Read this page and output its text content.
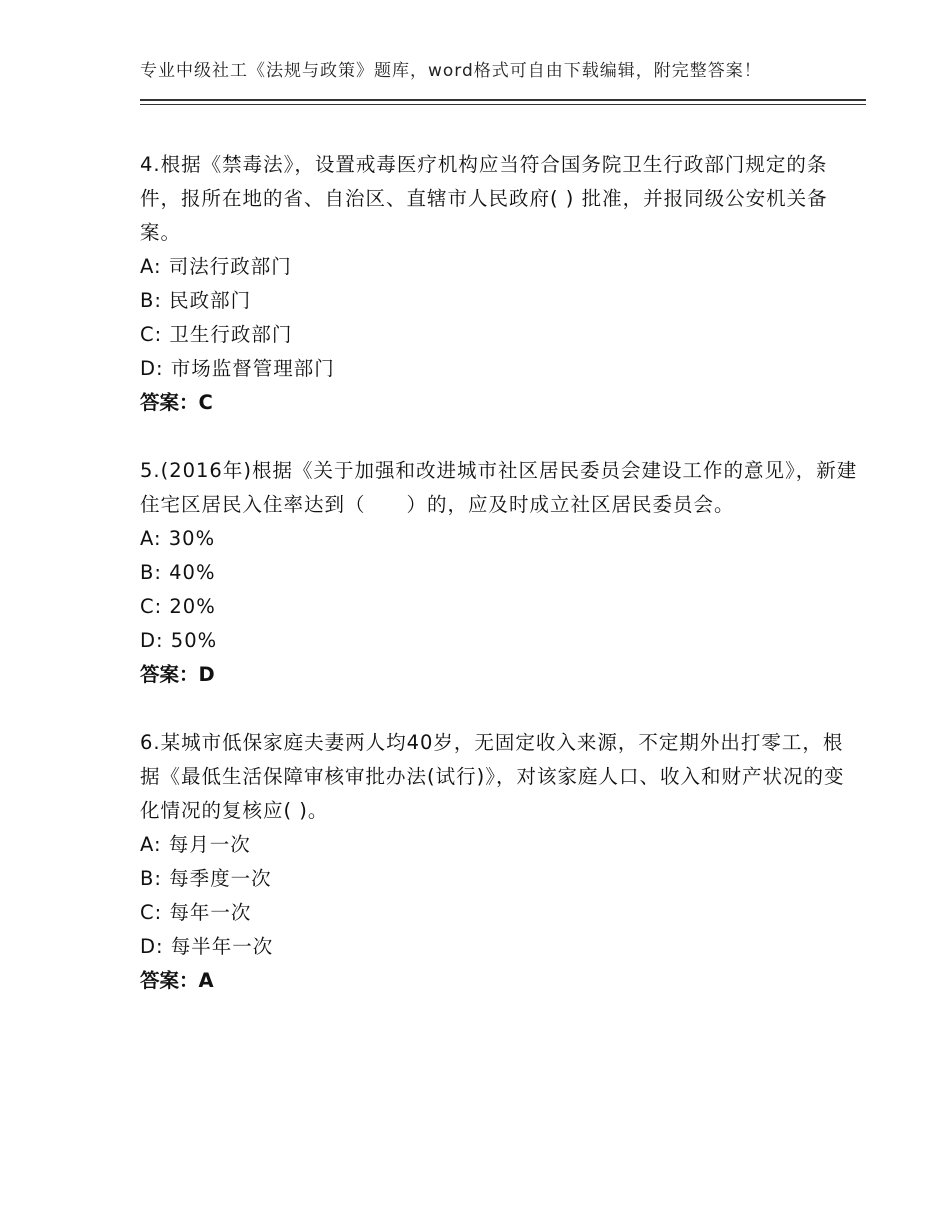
专业中级社工《法规与政策》题库，word格式可自由下载编辑，附完整答案！

4.根据《禁毒法》，设置戒毒医疗机构应当符合国务院卫生行政部门规定的条件，报所在地的省、自治区、直辖市人民政府( ) 批准，并报同级公安机关备案。

A: 司法行政部门

B: 民政部门

C: 卫生行政部门

D: 市场监督管理部门

答案：C

5.(2016年)根据《关于加强和改进城市社区居民委员会建设工作的意见》，新建住宅区居民入住率达到（　　）的，应及时成立社区居民委员会。

A: 30%

B: 40%

C: 20%

D: 50%

答案：D

6.某城市低保家庭夫妻两人均40岁，无固定收入来源，不定期外出打零工，根据《最低生活保障审核审批办法(试行)》，对该家庭人口、收入和财产状况的变化情况的复核应( )。

A: 每月一次

B: 每季度一次

C: 每年一次

D: 每半年一次

答案：A
